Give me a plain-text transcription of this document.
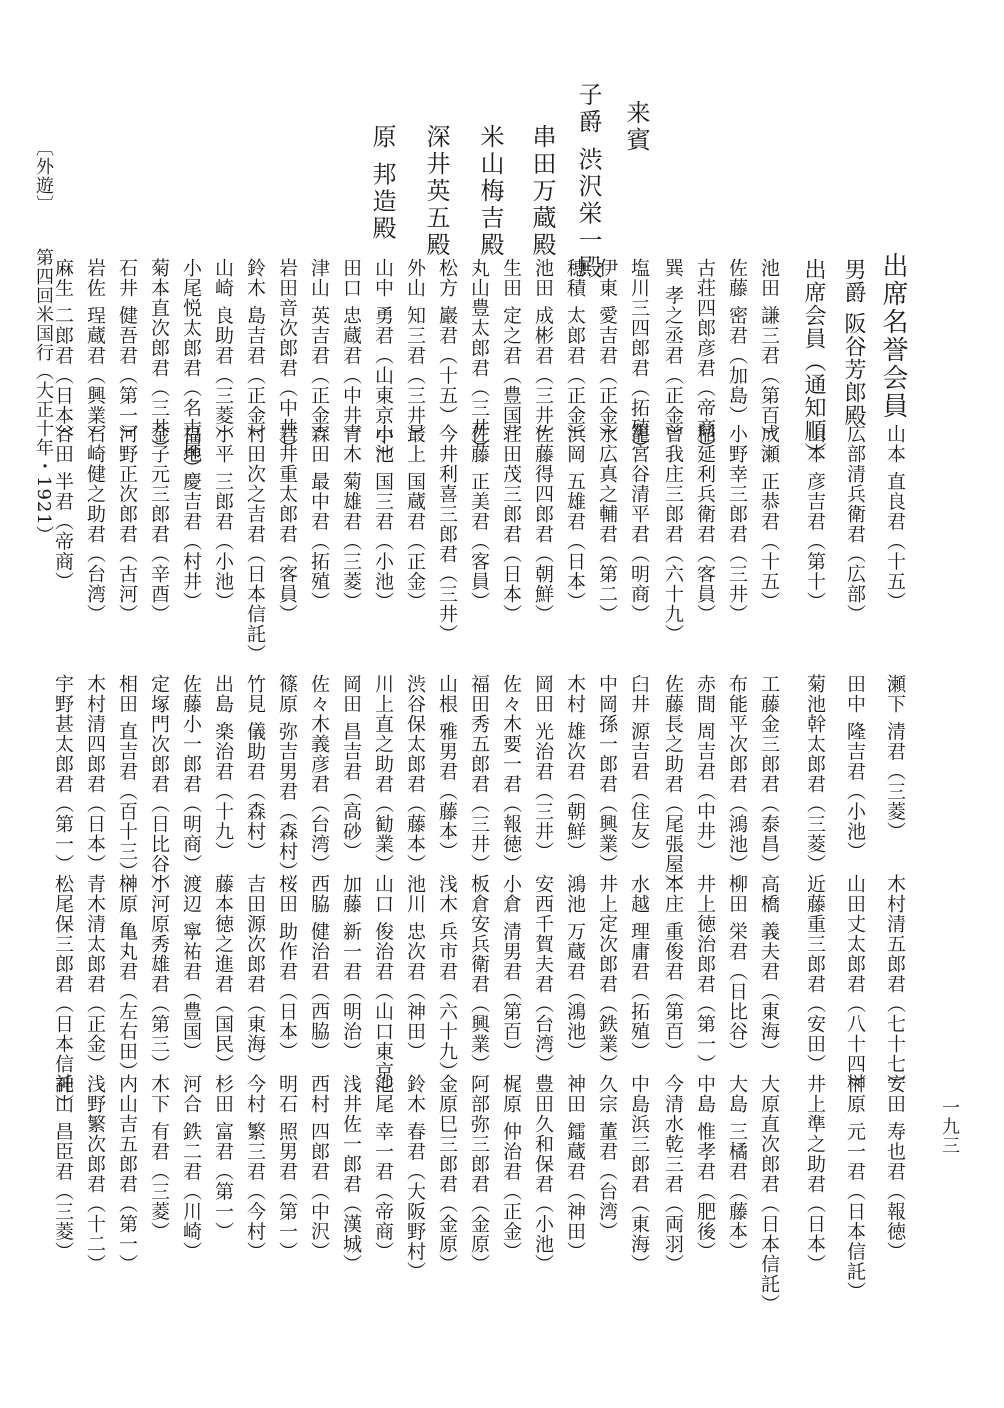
出席名誉会員
男爵 阪谷芳郎殿
出席会員（通知順）
来賓
子爵 渋沢栄一殿
串田万蔵殿
米山梅吉殿
深井英五殿
原 邦造殿
〔外遊〕
第四回米国行（大正十年・1921）
一九三
池田 謙三君（第百）
佐藤 密君（加島）
古荘四郎彦君（帝商）
巽 孝之丞君（正金）
塩川三四郎君（拓殖）
伊東 愛吉君（正金）
穂積 太郎君（正金）
池田 成彬君（三井）
生田 定之君（豊国）
丸山豊太郎君（三井）
松方 巖君（十五）
外山 知三君（三井）
山中 勇君（山東京中）
田口 忠蔵君（中井）
津山 英吉君（正金）
岩田音次郎君（中井）
鈴木 島吉君（正金）
山崎 良助君（三菱）
小尾悦太郎君（名古屋）
菊本直次郎君（三井）
石井 健吾君（第一）
岩佐 珵蔵君（興業）
麻生 二郎君（日本）
山本 直良君（十五）
広部清兵衛君（広部）
山本 彦吉君（第十）
成瀬 正恭君（十五）
小野幸三郎君（三井）
稲延利兵衛君（客員）
曾我庄三郎君（六十九）
籠宮谷清平君（明商）
永広真之輔君（第二）
浜岡 五雄君（日本）
佐藤得四郎君（朝鮮）
荘田茂三郎君（日本）
佐藤 正美君（客員）
今井利喜三郎君（三井）
最上 国蔵君（正金）
小池 国三君（小池）
青木 菊雄君（三菱）
森田 最中君（拓殖）
岩井重太郎君（客員）
村田次之吉君（日本信託）
小平 三郎君（小池）
福地 慶吉君（村井）
金子元三郎君（辛酉）
河野正次郎君（古河）
石崎健之助君（台湾）
谷田 半君（帝商）
瀬下 清君（三菱）
田中 隆吉君（小池）
菊池幹太郎君（三菱）
工藤金三郎君（泰昌）
布能平次郎君（鴻池）
赤間 周吉君（中井）
佐藤長之助君（尾張屋）
臼井 源吉君（住友）
中岡孫一郎君（興業）
木村 雄次君（朝鮮）
岡田 光治君（三井）
佐々木要一君（報徳）
福田秀五郎君（三井）
山根 雅男君（藤本）
渋谷保太郎君（藤本）
川上直之助君（勧業）
岡田 昌吉君（高砂）
佐々木義彦君（台湾）
篠原 弥吉男君（森村）
竹見 儀助君（森村）
出島 楽治君（十九）
佐藤小一郎君（明商）
定塚門次郎君（日比谷）
相田 直吉君（百十三）
木村清四郎君（日本）
宇野甚太郎君（第一）
木村清五郎君（七十七）
山田丈太郎君（八十四）
近藤重三郎君（安田）
高橋 義夫君（東海）
柳田 栄君（日比谷）
井上徳治郎君（第一）
本庄 重俊君（第百）
水越 理庸君（拓殖）
井上定次郎君（鉄業）
鴻池 万蔵君（鴻池）
安西千賀夫君（台湾）
小倉 清男君（第百）
板倉安兵衛君（興業）
浅木 兵市君（六十九）
池川 忠次君（神田）
山口 俊治君（山口東京）
加藤 新一君（明治）
西脇 健治君（西脇）
桜田 助作君（日本）
吉田源次郎君（東海）
藤本徳之進君（国民）
渡辺 寧祐君（豊国）
小河原秀雄君（第三）
榊原 亀丸君（左右田）
青木清太郎君（正金）
松尾保三郎君（日本信託）
安田 寿也君（報徳）
榊原 元一君（日本信託）
井上準之助君（日本）
大原直次郎君（日本信託）
大島 三橘君（藤本）
中島 惟孝君（肥後）
今清水乾三君（両羽）
中島浜三郎君（東海）
久宗 董君（台湾）
神田 鐳蔵君（神田）
豊田久和保君（小池）
梶原 仲治君（正金）
阿部弥三郎君（金原）
金原巳三郎君（金原）
鈴木 春君（大阪野村）
池尾 幸一君（帝商）
浅井佐一郎君（漢城）
西村 四郎君（中沢）
明石 照男君（第一）
今村 繁三君（今村）
杉田 富君（第一）
河合 鉄二君（川崎）
木下 有君（三菱）
内山吉五郎君（第一）
浅野繁次郎君（十二）
神山 昌臣君（三菱）
